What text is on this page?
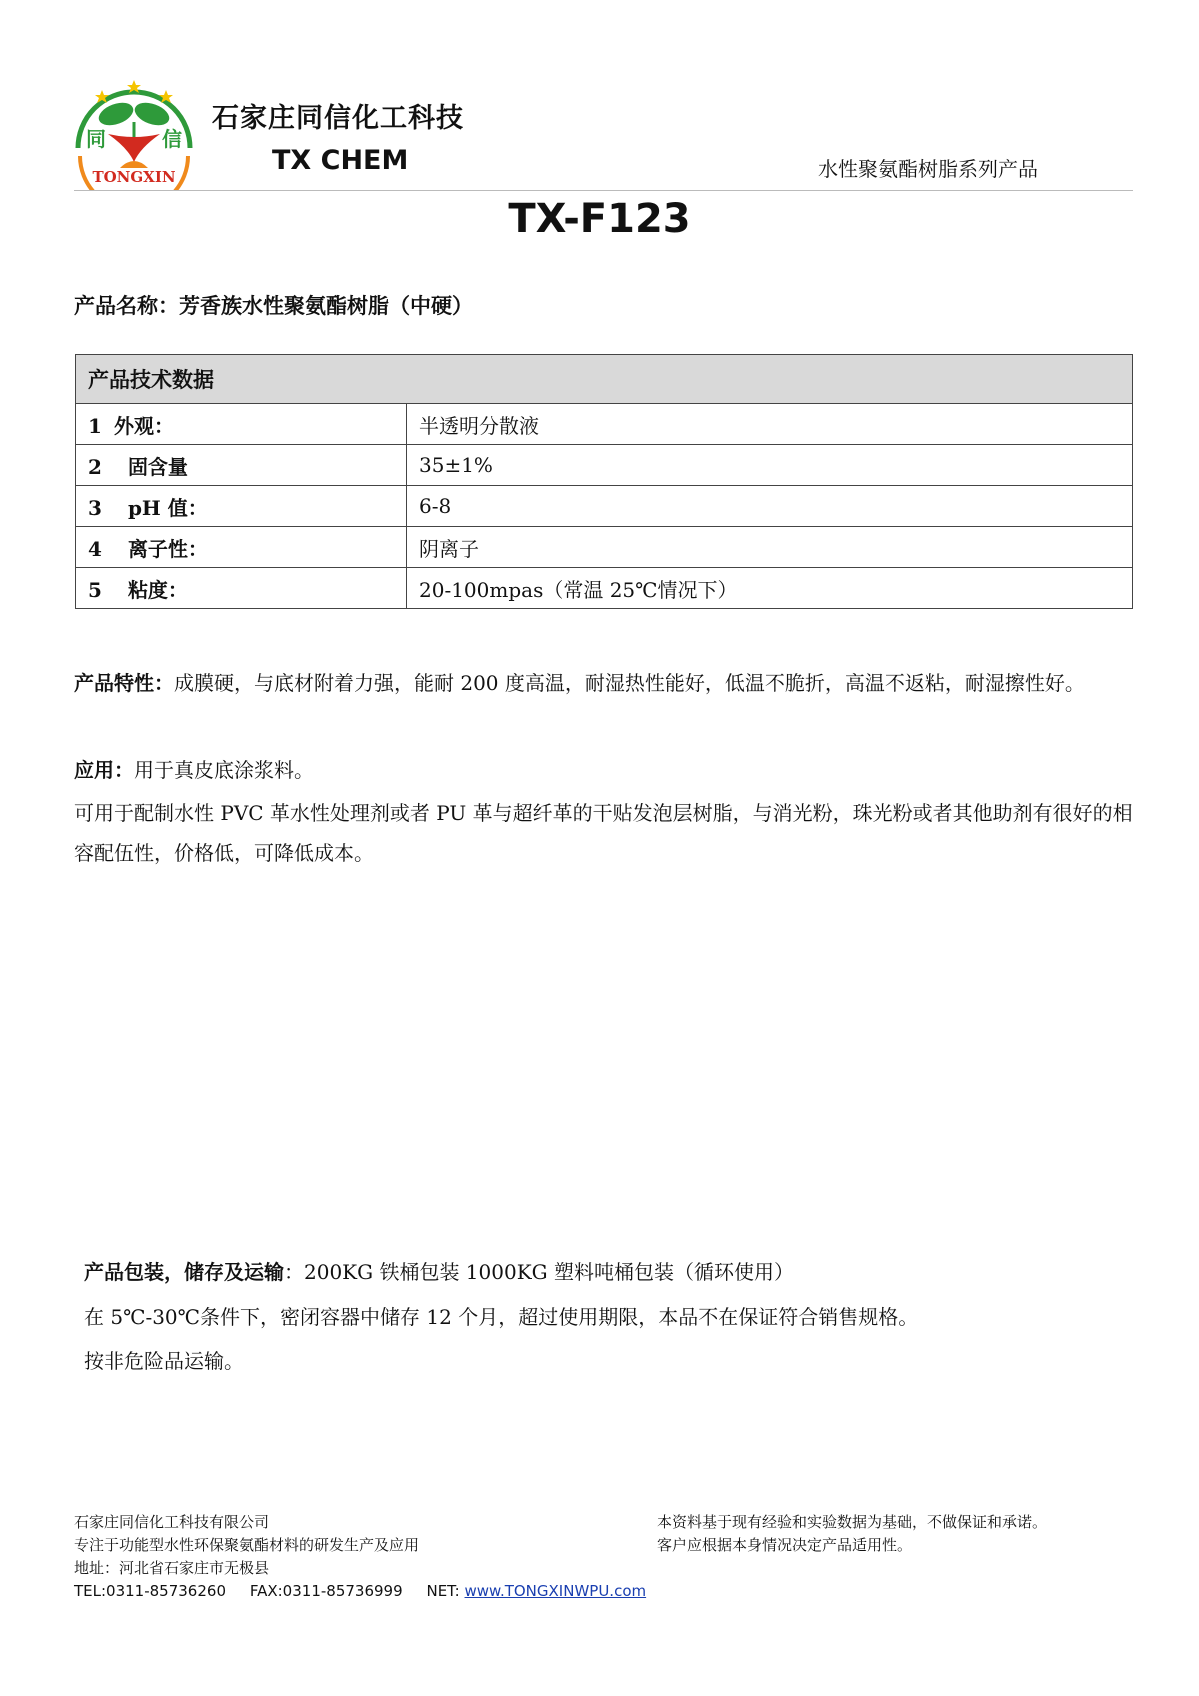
同	信
TONGXIN
石家庄同信化工科技
TX CHEM	水性聚氨酯树脂系列产品
TX-F123
产品名称：芳香族水性聚氨酯树脂（中硬）
产品技术数据	
1 外观：	半透明分散液
2 固含量	35±1%
3 pH 值：	6-8
4 离子性：	阴离子
5 粘度：	20-100mpas（常温 25℃情况下）
产品特性：成膜硬，与底材附着力强，能耐 200 度高温，耐湿热性能好，低温不脆折，高温不返粘，耐湿擦性好。
应用：用于真皮底涂浆料。
可用于配制水性 PVC 革水性处理剂或者 PU 革与超纤革的干贴发泡层树脂，与消光粉，珠光粉或者其他助剂有很好的相容配伍性，价格低，可降低成本。
产品包装，储存及运输：200KG 铁桶包装 1000KG 塑料吨桶包装（循环使用）
在 5℃-30℃条件下，密闭容器中储存 12 个月，超过使用期限，本品不在保证符合销售规格。
按非危险品运输。
石家庄同信化工科技有限公司
专注于功能型水性环保聚氨酯材料的研发生产及应用
地址：河北省石家庄市无极县
TEL:0311-85736260 FAX:0311-85736999 NET: www.TONGXINWPU.com
本资料基于现有经验和实验数据为基础，不做保证和承诺。
客户应根据本身情况决定产品适用性。
